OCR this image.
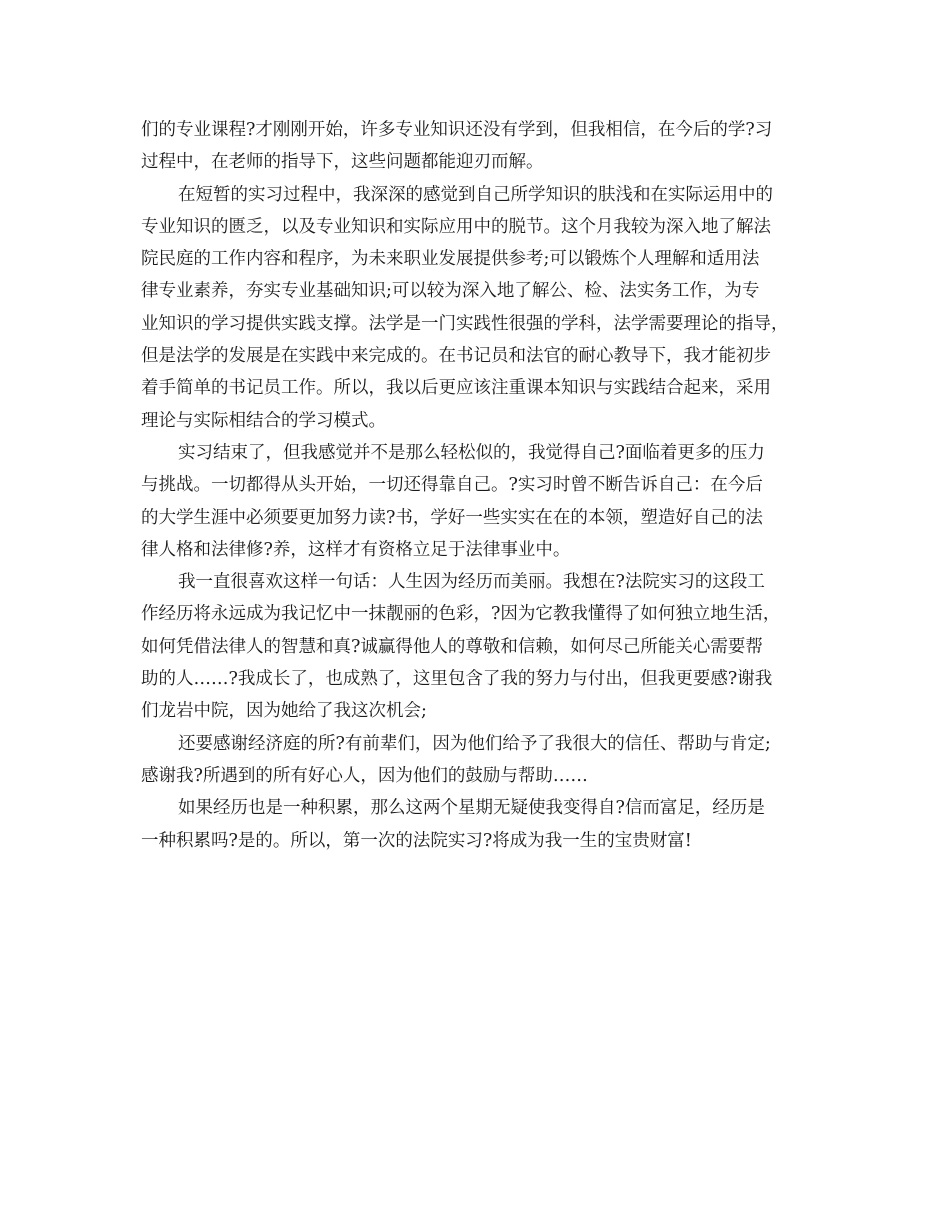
们的专业课程?才刚刚开始，许多专业知识还没有学到，但我相信，在今后的学?习
过程中，在老师的指导下，这些问题都能迎刃而解。
在短暂的实习过程中，我深深的感觉到自己所学知识的肤浅和在实际运用中的
专业知识的匮乏，以及专业知识和实际应用中的脱节。这个月我较为深入地了解法
院民庭的工作内容和程序，为未来职业发展提供参考;可以锻炼个人理解和适用法
律专业素养，夯实专业基础知识;可以较为深入地了解公、检、法实务工作，为专
业知识的学习提供实践支撑。法学是一门实践性很强的学科，法学需要理论的指导，
但是法学的发展是在实践中来完成的。在书记员和法官的耐心教导下，我才能初步
着手简单的书记员工作。所以，我以后更应该注重课本知识与实践结合起来，采用
理论与实际相结合的学习模式。
实习结束了，但我感觉并不是那么轻松似的，我觉得自己?面临着更多的压力
与挑战。一切都得从头开始，一切还得靠自己。?实习时曾不断告诉自己：在今后
的大学生涯中必须要更加努力读?书，学好一些实实在在的本领，塑造好自己的法
律人格和法律修?养，这样才有资格立足于法律事业中。
我一直很喜欢这样一句话：人生因为经历而美丽。我想在?法院实习的这段工
作经历将永远成为我记忆中一抹靓丽的色彩，?因为它教我懂得了如何独立地生活，
如何凭借法律人的智慧和真?诚赢得他人的尊敬和信赖，如何尽己所能关心需要帮
助的人……?我成长了，也成熟了，这里包含了我的努力与付出，但我更要感?谢我
们龙岩中院，因为她给了我这次机会;
还要感谢经济庭的所?有前辈们，因为他们给予了我很大的信任、帮助与肯定;
感谢我?所遇到的所有好心人，因为他们的鼓励与帮助……
如果经历也是一种积累，那么这两个星期无疑使我变得自?信而富足，经历是
一种积累吗?是的。所以，第一次的法院实习?将成为我一生的宝贵财富!
